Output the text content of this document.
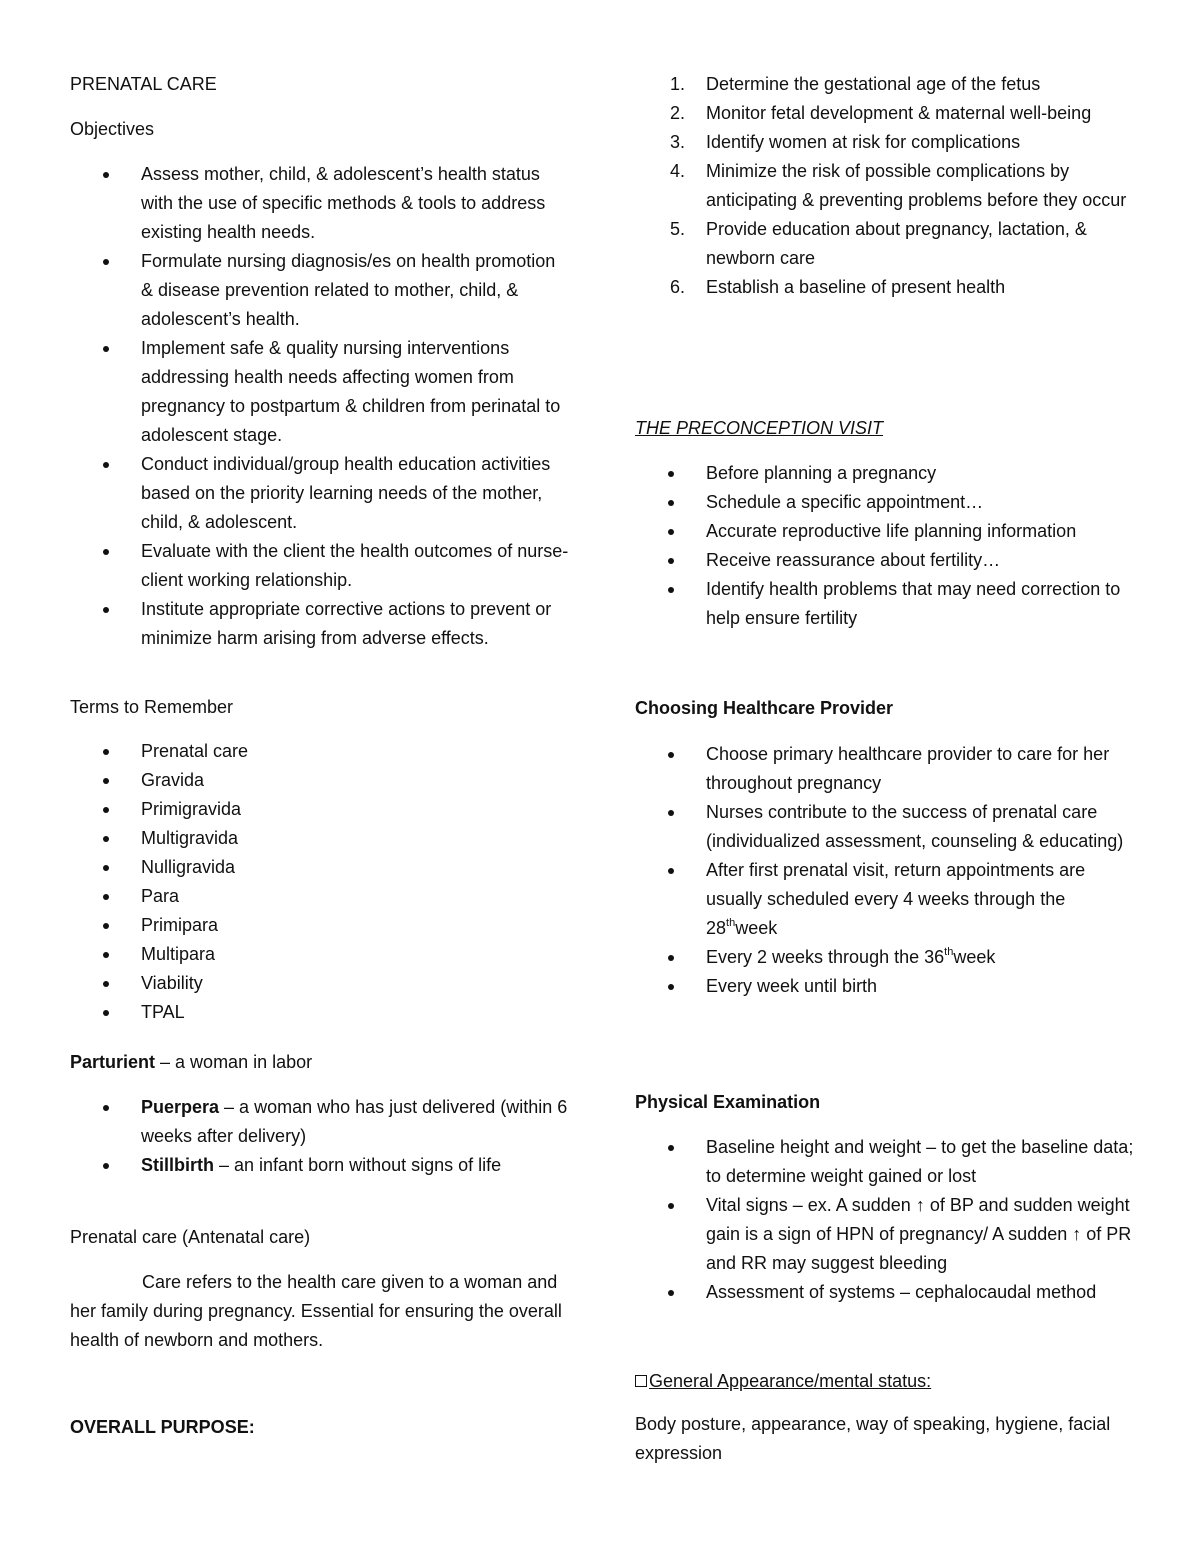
PRENATAL CARE

Objectives

Assess mother, child, & adolescent’s health status with the use of specific methods & tools to address existing health needs.
Formulate nursing diagnosis/es on health promotion & disease prevention related to mother, child, & adolescent’s health.
Implement safe & quality nursing interventions addressing health needs affecting women from pregnancy to postpartum & children from perinatal to adolescent stage.
Conduct individual/group health education activities based on the priority learning needs of the mother, child, & adolescent.
Evaluate with the client the health outcomes of nurse-client working relationship.
Institute appropriate corrective actions to prevent or minimize harm arising from adverse effects.

Terms to Remember

Prenatal care
Gravida
Primigravida
Multigravida
Nulligravida
Para
Primipara
Multipara
Viability
TPAL

Parturient – a woman in labor

Puerpera – a woman who has just delivered (within 6 weeks after delivery)
Stillbirth – an infant born without signs of life

Prenatal care (Antenatal care)

Care refers to the health care given to a woman and her family during pregnancy. Essential for ensuring the overall health of newborn and mothers.

OVERALL PURPOSE:

1. Determine the gestational age of the fetus
2. Monitor fetal development & maternal well-being
3. Identify women at risk for complications
4. Minimize the risk of possible complications by anticipating & preventing problems before they occur
5. Provide education about pregnancy, lactation, & newborn care
6. Establish a baseline of present health

THE PRECONCEPTION VISIT

Before planning a pregnancy
Schedule a specific appointment…
Accurate reproductive life planning information
Receive reassurance about fertility…
Identify health problems that may need correction to help ensure fertility

Choosing Healthcare Provider

Choose primary healthcare provider to care for her throughout pregnancy
Nurses contribute to the success of prenatal care (individualized assessment, counseling & educating)
After first prenatal visit, return appointments are usually scheduled every 4 weeks through the 28thweek
Every 2 weeks through the 36thweek
Every week until birth

Physical Examination

Baseline height and weight – to get the baseline data; to determine weight gained or lost
Vital signs – ex. A sudden ↑ of BP and sudden weight gain is a sign of HPN of pregnancy/ A sudden ↑ of PR and RR may suggest bleeding
Assessment of systems – cephalocaudal method

General Appearance/mental status:

Body posture, appearance, way of speaking, hygiene, facial expression
